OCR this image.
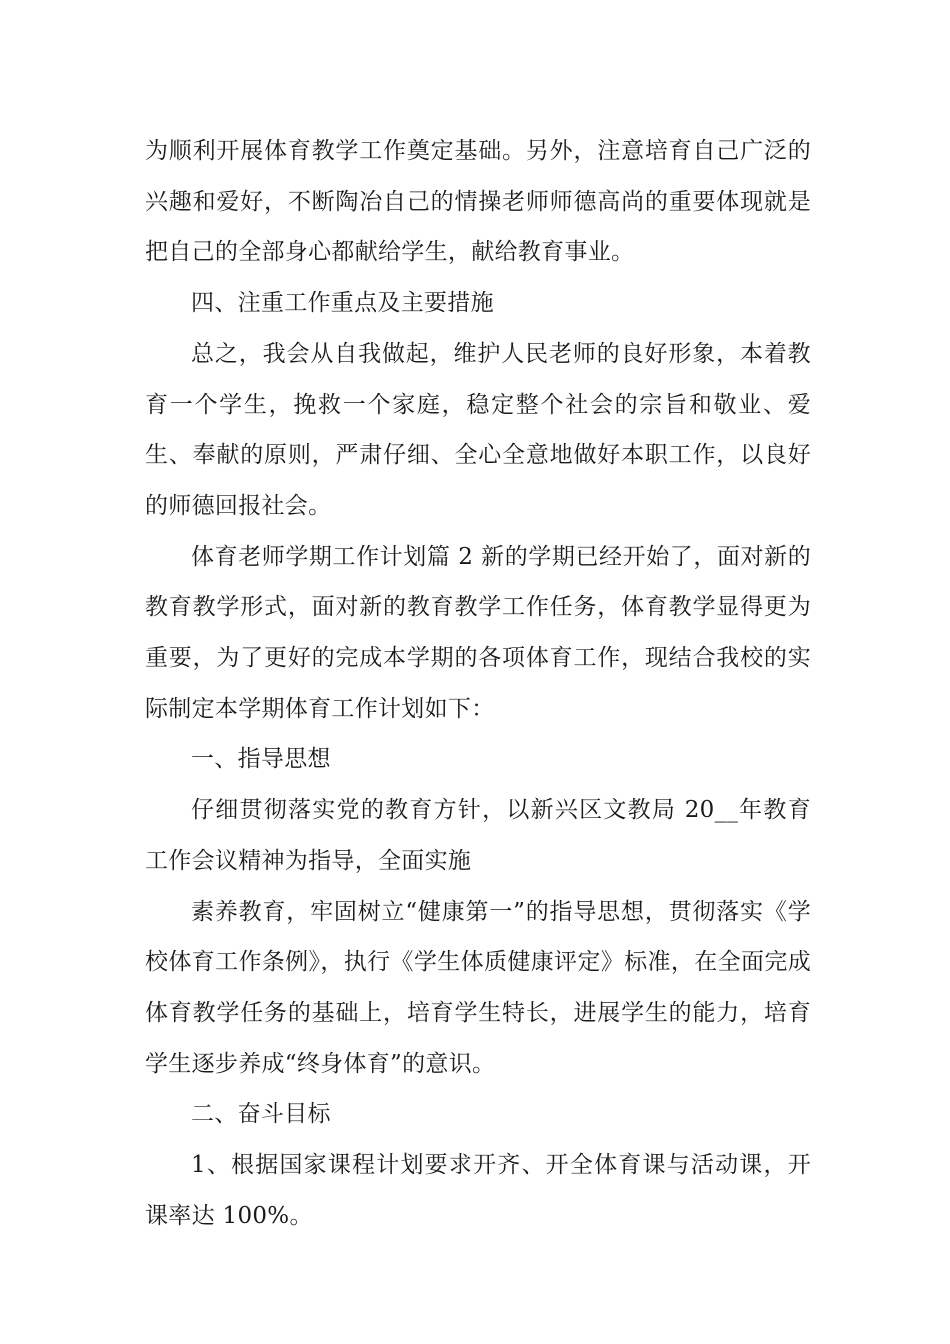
为顺利开展体育教学工作奠定基础。另外，注意培育自己广泛的兴趣和爱好，不断陶冶自己的情操老师师德高尚的重要体现就是把自己的全部身心都献给学生，献给教育事业。

四、注重工作重点及主要措施

总之，我会从自我做起，维护人民老师的良好形象，本着教育一个学生，挽救一个家庭，稳定整个社会的宗旨和敬业、爱生、奉献的原则，严肃仔细、全心全意地做好本职工作，以良好的师德回报社会。

体育老师学期工作计划篇 2 新的学期已经开始了，面对新的教育教学形式，面对新的教育教学工作任务，体育教学显得更为重要，为了更好的完成本学期的各项体育工作，现结合我校的实际制定本学期体育工作计划如下：

一、指导思想

仔细贯彻落实党的教育方针，以新兴区文教局 20__年教育工作会议精神为指导，全面实施

素养教育，牢固树立“健康第一”的指导思想，贯彻落实《学校体育工作条例》，执行《学生体质健康评定》标准，在全面完成体育教学任务的基础上，培育学生特长，进展学生的能力，培育学生逐步养成“终身体育”的意识。

二、奋斗目标

1、根据国家课程计划要求开齐、开全体育课与活动课，开课率达 100%。
